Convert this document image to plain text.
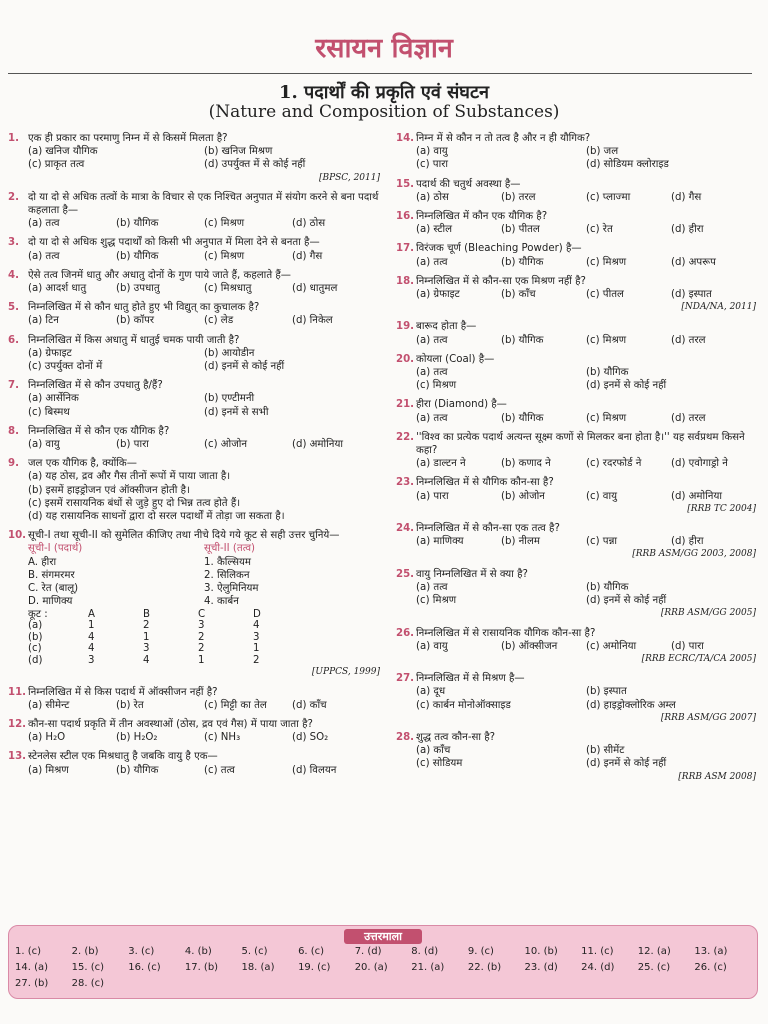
रसायन विज्ञान
1. पदार्थों की प्रकृति एवं संघटन
(Nature and Composition of Substances)
1. एक ही प्रकार का परमाणु निम्न में से किसमें मिलता है?
(a) खनिज यौगिक	(b) खनिज मिश्रण
(c) प्राकृत तत्व	(d) उपर्युक्त में से कोई नहीं
[BPSC, 2011]
2. दो या दो से अधिक तत्वों के मात्रा के विचार से एक निश्चित अनुपात में संयोग करने से बना पदार्थ कहलाता है—
(a) तत्व	(b) यौगिक	(c) मिश्रण	(d) ठोस
3. दो या दो से अधिक शुद्ध पदार्थों को किसी भी अनुपात में मिला देने से बनता है—
(a) तत्व	(b) यौगिक	(c) मिश्रण	(d) गैस
4. ऐसे तत्व जिनमें धातु और अधातु दोनों के गुण पाये जाते हैं, कहलाते हैं—
(a) आदर्श धातु	(b) उपधातु	(c) मिश्रधातु	(d) धातुमल
5. निम्नलिखित में से कौन धातु होते हुए भी विद्युत् का कुचालक है?
(a) टिन	(b) कॉपर	(c) लेड	(d) निकेल
6. निम्नलिखित में किस अधातु में धातुई चमक पायी जाती है?
(a) ग्रेफाइट	(b) आयोडीन
(c) उपर्युक्त दोनों में	(d) इनमें से कोई नहीं
7. निम्नलिखित में से कौन उपधातु है/हैं?
(a) आर्सेनिक	(b) एण्टीमनी
(c) बिस्मथ	(d) इनमें से सभी
8. निम्नलिखित में से कौन एक यौगिक है?
(a) वायु	(b) पारा	(c) ओजोन	(d) अमोनिया
9. जल एक यौगिक है, क्योंकि—
(a) यह ठोस, द्रव और गैस तीनों रूपों में पाया जाता है।
(b) इसमें हाइड्रोजन एवं ऑक्सीजन होती है।
(c) इसमें रासायनिक बंधों से जुड़े हुए दो भिन्न तत्व होते हैं।
(d) यह रासायनिक साधनों द्वारा दो सरल पदार्थों में तोड़ा जा सकता है।
10. सूची-I तथा सूची-II को सुमेलित कीजिए तथा नीचे दिये गये कूट से सही उत्तर चुनिये—
सूची-I (पदार्थ)	सूची-II (तत्व)
A. हीरा	1. कैल्सियम
B. संगमरमर	2. सिलिकन
C. रेत (बालू)	3. ऐलुमिनियम
D. माणिक्य	4. कार्बन
कूट :	A	B	C	D
(a)	1	2	3	4
(b)	4	1	2	3
(c)	4	3	2	1
(d)	3	4	1	2
[UPPCS, 1999]
11. निम्नलिखित में से किस पदार्थ में ऑक्सीजन नहीं है?
(a) सीमेन्ट	(b) रेत	(c) मिट्टी का तेल	(d) काँच
12. कौन-सा पदार्थ प्रकृति में तीन अवस्थाओं (ठोस, द्रव एवं गैस) में पाया जाता है?
(a) H₂O	(b) H₂O₂	(c) NH₃	(d) SO₂
13. स्टेनलेस स्टील एक मिश्रधातु है जबकि वायु है एक—
(a) मिश्रण	(b) यौगिक	(c) तत्व	(d) विलयन
14. निम्न में से कौन न तो तत्व है और न ही यौगिक?
(a) वायु	(b) जल
(c) पारा	(d) सोडियम क्लोराइड
15. पदार्थ की चतुर्थ अवस्था है—
(a) ठोस	(b) तरल	(c) प्लाज्मा	(d) गैस
16. निम्नलिखित में कौन एक यौगिक है?
(a) स्टील	(b) पीतल	(c) रेत	(d) हीरा
17. विरंजक चूर्ण (Bleaching Powder) है—
(a) तत्व	(b) यौगिक	(c) मिश्रण	(d) अपरूप
18. निम्नलिखित में से कौन-सा एक मिश्रण नहीं है?
(a) ग्रेफाइट	(b) काँच	(c) पीतल	(d) इस्पात
[NDA/NA, 2011]
19. बारूद होता है—
(a) तत्व	(b) यौगिक	(c) मिश्रण	(d) तरल
20. कोयला (Coal) है—
(a) तत्व	(b) यौगिक
(c) मिश्रण	(d) इनमें से कोई नहीं
21. हीरा (Diamond) है—
(a) तत्व	(b) यौगिक	(c) मिश्रण	(d) तरल
22. ''विश्व का प्रत्येक पदार्थ अत्यन्त सूक्ष्म कणों से मिलकर बना होता है।'' यह सर्वप्रथम किसने कहा?
(a) डाल्टन ने	(b) कणाद ने	(c) रदरफोर्ड ने	(d) एवोगाड्रो ने
23. निम्नलिखित में से यौगिक कौन-सा है?
(a) पारा	(b) ओजोन	(c) वायु	(d) अमोनिया
[RRB TC 2004]
24. निम्नलिखित में से कौन-सा एक तत्व है?
(a) माणिक्य	(b) नीलम	(c) पन्ना	(d) हीरा
[RRB ASM/GG 2003, 2008]
25. वायु निम्नलिखित में से क्या है?
(a) तत्व	(b) यौगिक
(c) मिश्रण	(d) इनमें से कोई नहीं
[RRB ASM/GG 2005]
26. निम्नलिखित में से रासायनिक यौगिक कौन-सा है?
(a) वायु	(b) ऑक्सीजन	(c) अमोनिया	(d) पारा
[RRB ECRC/TA/CA 2005]
27. निम्नलिखित में से मिश्रण है—
(a) दूध	(b) इस्पात
(c) कार्बन मोनोऑक्साइड	(d) हाइड्रोक्लोरिक अम्ल
[RRB ASM/GG 2007]
28. शुद्ध तत्व कौन-सा है?
(a) काँच	(b) सीमेंट
(c) सोडियम	(d) इनमें से कोई नहीं
[RRB ASM 2008]
उत्तरमाला
1. (c)	2. (b)	3. (c)	4. (b)	5. (c)	6. (c)	7. (d)	8. (d)	9. (c)	10. (b)	11. (c)	12. (a)	13. (a)
14. (a)	15. (c)	16. (c)	17. (b)	18. (a)	19. (c)	20. (a)	21. (a)	22. (b)	23. (d)	24. (d)	25. (c)	26. (c)
27. (b)	28. (c)
